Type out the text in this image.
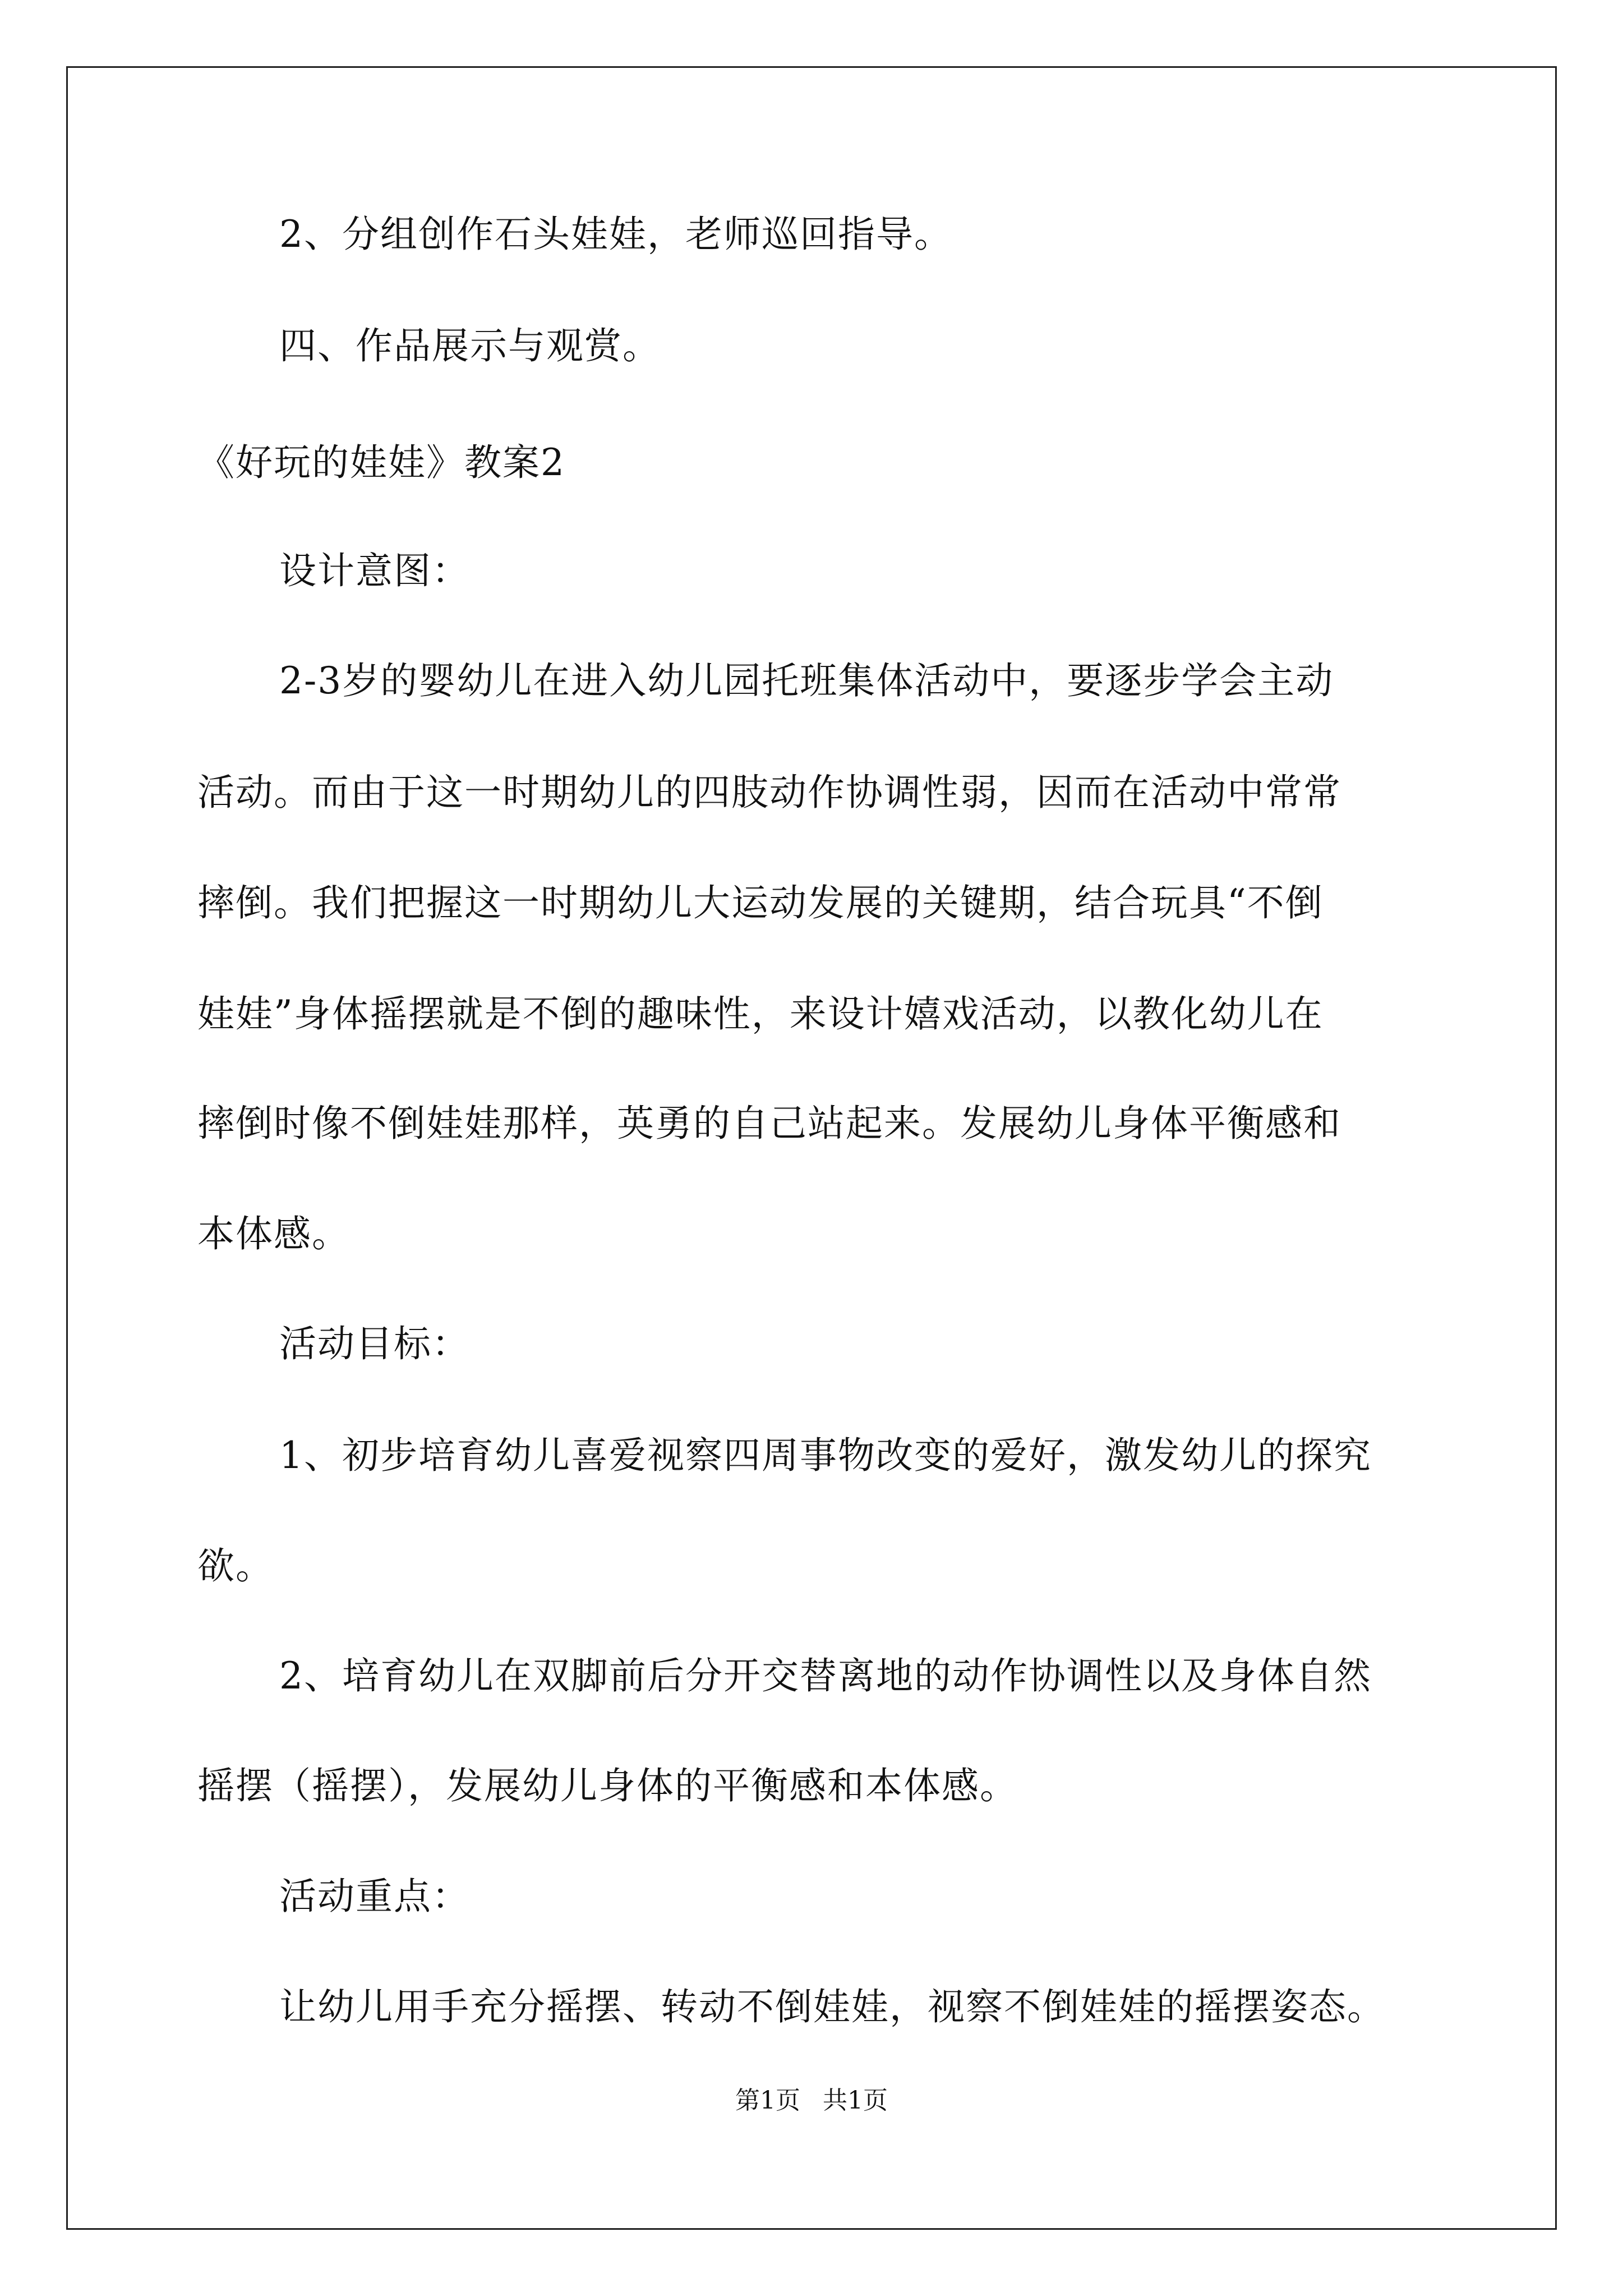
2、分组创作石头娃娃，老师巡回指导。
四、作品展示与观赏。
《好玩的娃娃》教案2
设计意图：
2-3岁的婴幼儿在进入幼儿园托班集体活动中，要逐步学会主动
活动。而由于这一时期幼儿的四肢动作协调性弱，因而在活动中常常
摔倒。我们把握这一时期幼儿大运动发展的关键期，结合玩具“不倒
娃娃”身体摇摆就是不倒的趣味性，来设计嬉戏活动，以教化幼儿在
摔倒时像不倒娃娃那样，英勇的自己站起来。发展幼儿身体平衡感和
本体感。
活动目标：
1、初步培育幼儿喜爱视察四周事物改变的爱好，激发幼儿的探究
欲。
2、培育幼儿在双脚前后分开交替离地的动作协调性以及身体自然
摇摆（摇摆），发展幼儿身体的平衡感和本体感。
活动重点：
让幼儿用手充分摇摆、转动不倒娃娃，视察不倒娃娃的摇摆姿态。
第1页 共1页
